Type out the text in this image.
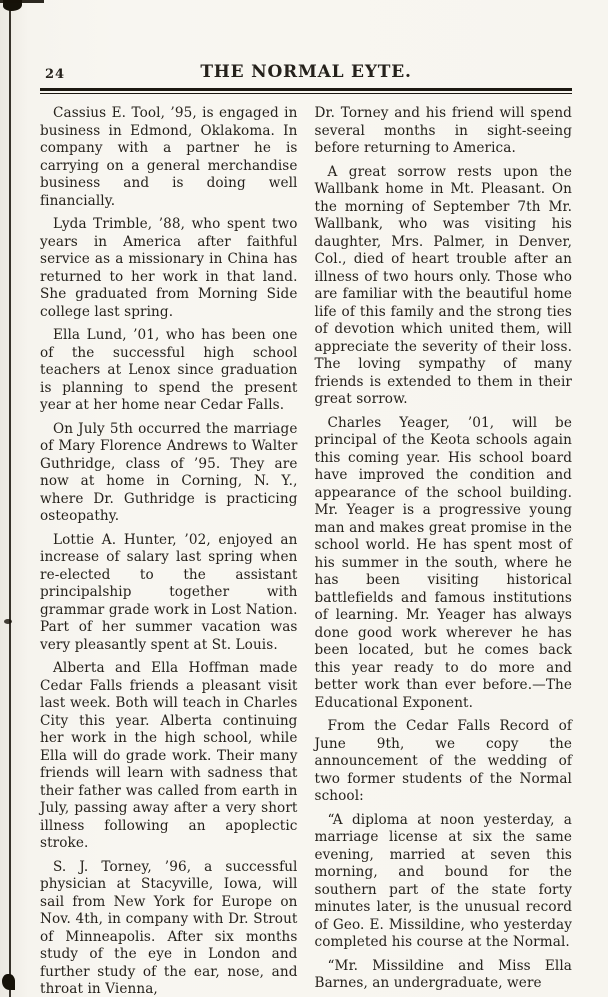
24	THE NORMAL EYTE.

Cassius E. Tool, ’95, is engaged in business in Edmond, Oklakoma. In company with a partner he is carrying on a general merchandise business and is doing well financially.

Lyda Trimble, ’88, who spent two years in America after faithful service as a missionary in China has returned to her work in that land. She graduated from Morning Side college last spring.

Ella Lund, ’01, who has been one of the successful high school teachers at Lenox since graduation is planning to spend the present year at her home near Cedar Falls.

On July 5th occurred the marriage of Mary Florence Andrews to Walter Guthridge, class of ’95. They are now at home in Corning, N. Y., where Dr. Guthridge is practicing osteopathy.

Lottie A. Hunter, ’02, enjoyed an increase of salary last spring when re-elected to the assistant principalship together with grammar grade work in Lost Nation. Part of her summer vacation was very pleasantly spent at St. Louis.

Alberta and Ella Hoffman made Cedar Falls friends a pleasant visit last week. Both will teach in Charles City this year. Alberta continuing her work in the high school, while Ella will do grade work. Their many friends will learn with sadness that their father was called from earth in July, passing away after a very short illness following an apoplectic stroke.

S. J. Torney, ’96, a successful physician at Stacyville, Iowa, will sail from New York for Europe on Nov. 4th, in company with Dr. Strout of Minneapolis. After six months study of the eye in London and further study of the ear, nose, and throat in Vienna,

Dr. Torney and his friend will spend several months in sight-seeing before returning to America.

A great sorrow rests upon the Wallbank home in Mt. Pleasant. On the morning of September 7th Mr. Wallbank, who was visiting his daughter, Mrs. Palmer, in Denver, Col., died of heart trouble after an illness of two hours only. Those who are familiar with the beautiful home life of this family and the strong ties of devotion which united them, will appreciate the severity of their loss. The loving sympathy of many friends is extended to them in their great sorrow.

Charles Yeager, ’01, will be principal of the Keota schools again this coming year. His school board have improved the condition and appearance of the school building. Mr. Yeager is a progressive young man and makes great promise in the school world. He has spent most of his summer in the south, where he has been visiting historical battlefields and famous institutions of learning. Mr. Yeager has always done good work wherever he has been located, but he comes back this year ready to do more and better work than ever before.—The Educational Exponent.

From the Cedar Falls Record of June 9th, we copy the announcement of the wedding of two former students of the Normal school:

“A diploma at noon yesterday, a marriage license at six the same evening, married at seven this morning, and bound for the southern part of the state forty minutes later, is the unusual record of Geo. E. Missildine, who yesterday completed his course at the Normal.

“Mr. Missildine and Miss Ella Barnes, an undergraduate, were
